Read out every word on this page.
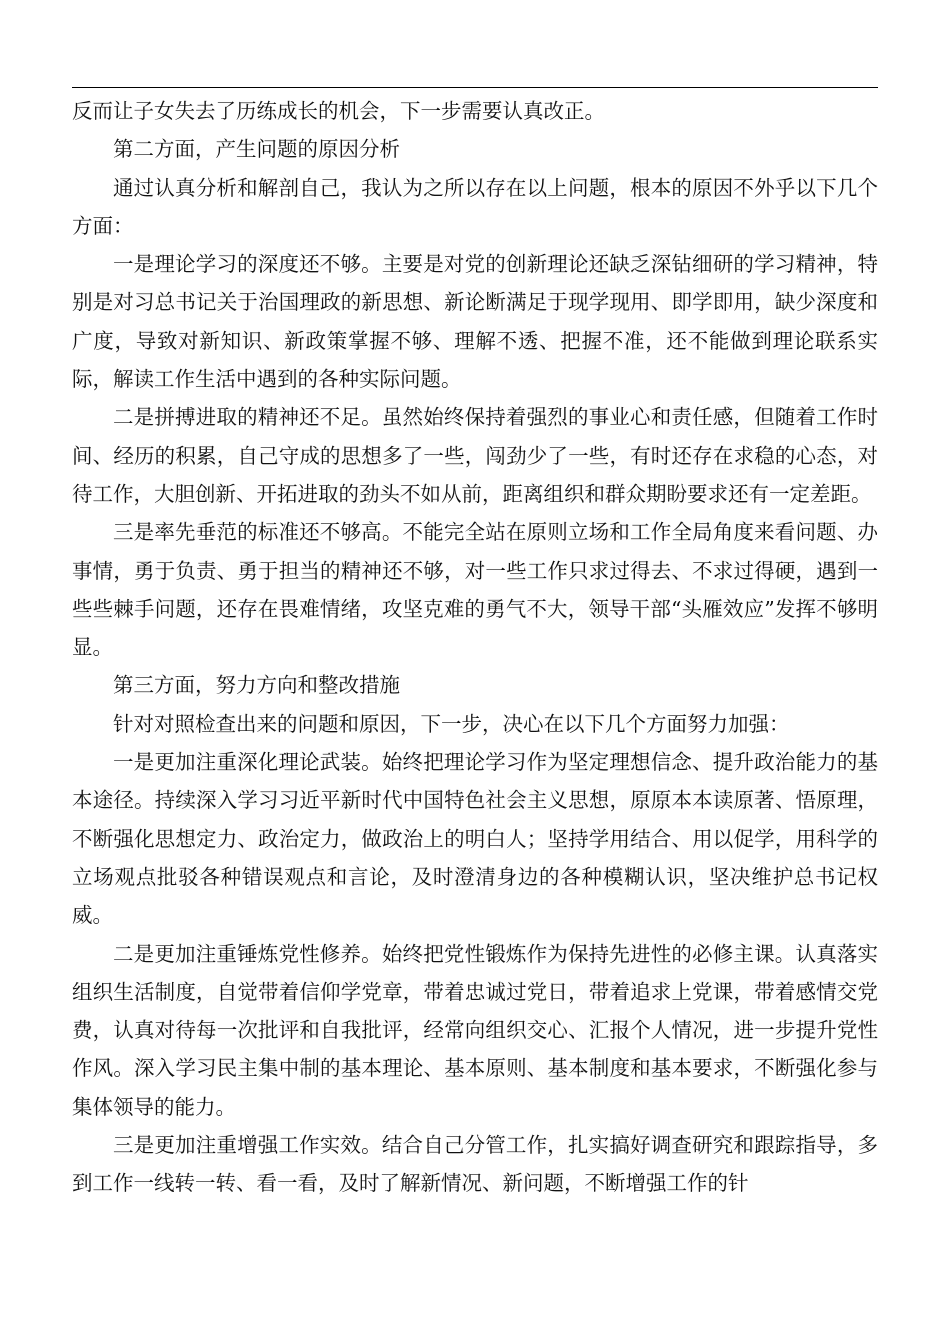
反而让子女失去了历练成长的机会，下一步需要认真改正。

第二方面，产生问题的原因分析

通过认真分析和解剖自己，我认为之所以存在以上问题，根本的原因不外乎以下几个方面：

一是理论学习的深度还不够。主要是对党的创新理论还缺乏深钻细研的学习精神，特别是对习总书记关于治国理政的新思想、新论断满足于现学现用、即学即用，缺少深度和广度，导致对新知识、新政策掌握不够、理解不透、把握不准，还不能做到理论联系实际，解读工作生活中遇到的各种实际问题。

二是拼搏进取的精神还不足。虽然始终保持着强烈的事业心和责任感，但随着工作时间、经历的积累，自己守成的思想多了一些，闯劲少了一些，有时还存在求稳的心态，对待工作，大胆创新、开拓进取的劲头不如从前，距离组织和群众期盼要求还有一定差距。

三是率先垂范的标准还不够高。不能完全站在原则立场和工作全局角度来看问题、办事情，勇于负责、勇于担当的精神还不够，对一些工作只求过得去、不求过得硬，遇到一些些棘手问题，还存在畏难情绪，攻坚克难的勇气不大，领导干部“头雁效应”发挥不够明显。

第三方面，努力方向和整改措施

针对对照检查出来的问题和原因，下一步，决心在以下几个方面努力加强：

一是更加注重深化理论武装。始终把理论学习作为坚定理想信念、提升政治能力的基本途径。持续深入学习习近平新时代中国特色社会主义思想，原原本本读原著、悟原理，不断强化思想定力、政治定力，做政治上的明白人；坚持学用结合、用以促学，用科学的立场观点批驳各种错误观点和言论，及时澄清身边的各种模糊认识，坚决维护总书记权威。

二是更加注重锤炼党性修养。始终把党性锻炼作为保持先进性的必修主课。认真落实组织生活制度，自觉带着信仰学党章，带着忠诚过党日，带着追求上党课，带着感情交党费，认真对待每一次批评和自我批评，经常向组织交心、汇报个人情况，进一步提升党性作风。深入学习民主集中制的基本理论、基本原则、基本制度和基本要求，不断强化参与集体领导的能力。

三是更加注重增强工作实效。结合自己分管工作，扎实搞好调查研究和跟踪指导，多到工作一线转一转、看一看，及时了解新情况、新问题，不断增强工作的针
